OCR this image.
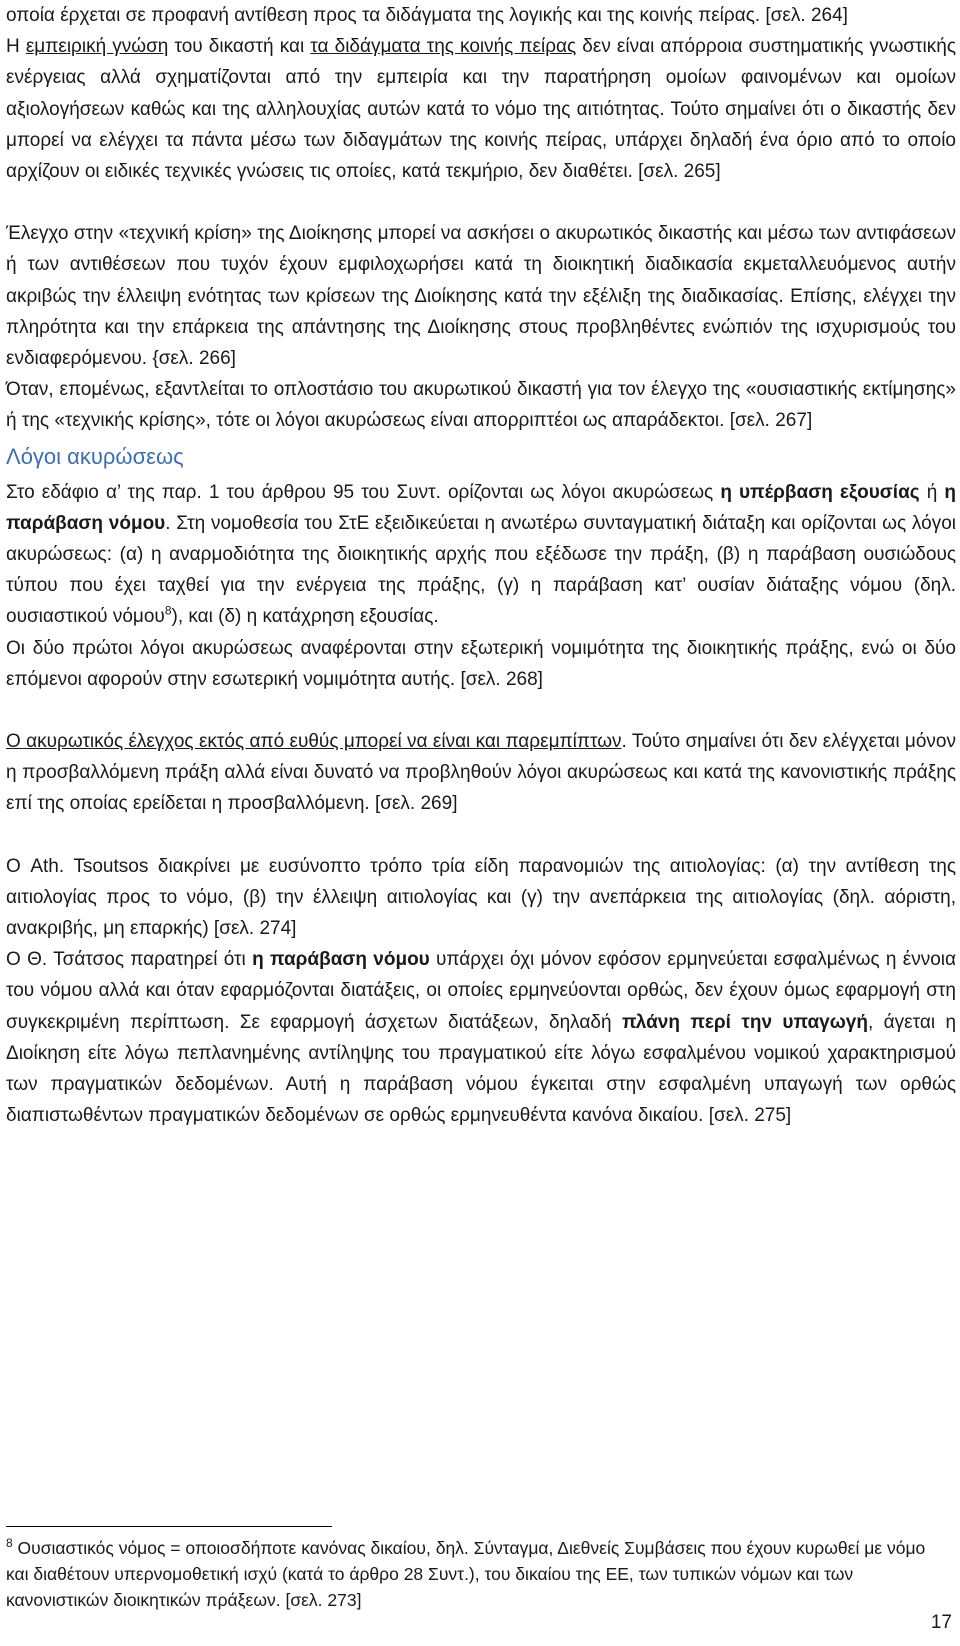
οποία έρχεται σε προφανή αντίθεση προς τα διδάγματα της λογικής και της κοινής πείρας. [σελ. 264]

Η εμπειρική γνώση του δικαστή και τα διδάγματα της κοινής πείρας δεν είναι απόρροια συστηματικής γνωστικής ενέργειας αλλά σχηματίζονται από την εμπειρία και την παρατήρηση ομοίων φαινομένων και ομοίων αξιολογήσεων καθώς και της αλληλουχίας αυτών κατά το νόμο της αιτιότητας. Τούτο σημαίνει ότι ο δικαστής δεν μπορεί να ελέγχει τα πάντα μέσω των διδαγμάτων της κοινής πείρας, υπάρχει δηλαδή ένα όριο από το οποίο αρχίζουν οι ειδικές τεχνικές γνώσεις τις οποίες, κατά τεκμήριο, δεν διαθέτει. [σελ. 265]

Έλεγχο στην «τεχνική κρίση» της Διοίκησης μπορεί να ασκήσει ο ακυρωτικός δικαστής και μέσω των αντιφάσεων ή των αντιθέσεων που τυχόν έχουν εμφιλοχωρήσει κατά τη διοικητική διαδικασία εκμεταλλευόμενος αυτήν ακριβώς την έλλειψη ενότητας των κρίσεων της Διοίκησης κατά την εξέλιξη της διαδικασίας. Επίσης, ελέγχει την πληρότητα και την επάρκεια της απάντησης της Διοίκησης στους προβληθέντες ενώπιόν της ισχυρισμούς του ενδιαφερόμενου. {σελ. 266]

Όταν, επομένως, εξαντλείται το οπλοστάσιο του ακυρωτικού δικαστή για τον έλεγχο της «ουσιαστικής εκτίμησης» ή της «τεχνικής κρίσης», τότε οι λόγοι ακυρώσεως είναι απορριπτέοι ως απαράδεκτοι. [σελ. 267]

Λόγοι ακυρώσεως

Στο εδάφιο α’ της παρ. 1 του άρθρου 95 του Συντ. ορίζονται ως λόγοι ακυρώσεως η υπέρβαση εξουσίας ή η παράβαση νόμου. Στη νομοθεσία του ΣτΕ εξειδικεύεται η ανωτέρω συνταγματική διάταξη και ορίζονται ως λόγοι ακυρώσεως: (α) η αναρμοδιότητα της διοικητικής αρχής που εξέδωσε την πράξη, (β) η παράβαση ουσιώδους τύπου που έχει ταχθεί για την ενέργεια της πράξης, (γ) η παράβαση κατ’ ουσίαν διάταξης νόμου (δηλ. ουσιαστικού νόμου$^8$), και (δ) η κατάχρηση εξουσίας.

Οι δύο πρώτοι λόγοι ακυρώσεως αναφέρονται στην εξωτερική νομιμότητα της διοικητικής πράξης, ενώ οι δύο επόμενοι αφορούν στην εσωτερική νομιμότητα αυτής. [σελ. 268]

Ο ακυρωτικός έλεγχος εκτός από ευθύς μπορεί να είναι και παρεμπίπτων. Τούτο σημαίνει ότι δεν ελέγχεται μόνον η προσβαλλόμενη πράξη αλλά είναι δυνατό να προβληθούν λόγοι ακυρώσεως και κατά της κανονιστικής πράξης επί της οποίας ερείδεται η προσβαλλόμενη. [σελ. 269]

Ο Ath. Tsoutsos διακρίνει με ευσύνοπτο τρόπο τρία είδη παρανομιών της αιτιολογίας: (α) την αντίθεση της αιτιολογίας προς το νόμο, (β) την έλλειψη αιτιολογίας και (γ) την ανεπάρκεια της αιτιολογίας (δηλ. αόριστη, ανακριβής, μη επαρκής) [σελ. 274]

Ο Θ. Τσάτσος παρατηρεί ότι η παράβαση νόμου υπάρχει όχι μόνον εφόσον ερμηνεύεται εσφαλμένως η έννοια του νόμου αλλά και όταν εφαρμόζονται διατάξεις, οι οποίες ερμηνεύονται ορθώς, δεν έχουν όμως εφαρμογή στη συγκεκριμένη περίπτωση. Σε εφαρμογή άσχετων διατάξεων, δηλαδή πλάνη περί την υπαγωγή, άγεται η Διοίκηση είτε λόγω πεπλανημένης αντίληψης του πραγματικού είτε λόγω εσφαλμένου νομικού χαρακτηρισμού των πραγματικών δεδομένων. Αυτή η παράβαση νόμου έγκειται στην εσφαλμένη υπαγωγή των ορθώς διαπιστωθέντων πραγματικών δεδομένων σε ορθώς ερμηνευθέντα κανόνα δικαίου. [σελ. 275]

$^8$ Ουσιαστικός νόμος = οποιοσδήποτε κανόνας δικαίου, δηλ. Σύνταγμα, Διεθνείς Συμβάσεις που έχουν κυρωθεί με νόμο και διαθέτουν υπερνομοθετική ισχύ (κατά το άρθρο 28 Συντ.), του δικαίου της ΕΕ, των τυπικών νόμων και των κανονιστικών διοικητικών πράξεων. [σελ. 273]
17
